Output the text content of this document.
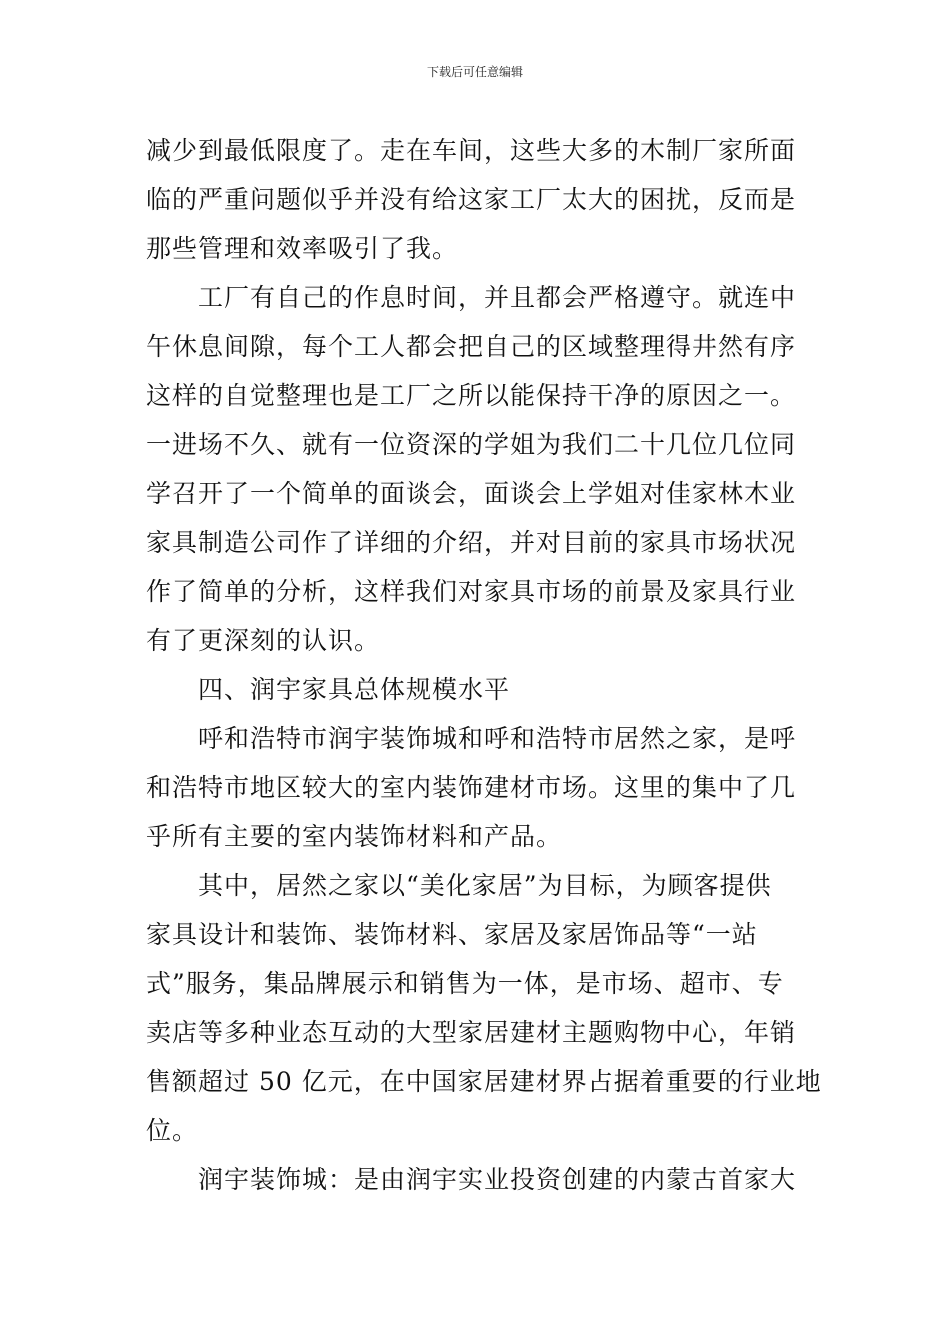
下载后可任意编辑
减少到最低限度了。走在车间，这些大多的木制厂家所面
临的严重问题似乎并没有给这家工厂太大的困扰，反而是
那些管理和效率吸引了我。
工厂有自己的作息时间，并且都会严格遵守。就连中
午休息间隙，每个工人都会把自己的区域整理得井然有序
这样的自觉整理也是工厂之所以能保持干净的原因之一。
一进场不久、就有一位资深的学姐为我们二十几位几位同
学召开了一个简单的面谈会，面谈会上学姐对佳家林木业
家具制造公司作了详细的介绍，并对目前的家具市场状况
作了简单的分析，这样我们对家具市场的前景及家具行业
有了更深刻的认识。
四、润宇家具总体规模水平
呼和浩特市润宇装饰城和呼和浩特市居然之家，是呼
和浩特市地区较大的室内装饰建材市场。这里的集中了几
乎所有主要的室内装饰材料和产品。
其中，居然之家以“美化家居”为目标，为顾客提供
家具设计和装饰、装饰材料、家居及家居饰品等“一站
式”服务，集品牌展示和销售为一体，是市场、超市、专
卖店等多种业态互动的大型家居建材主题购物中心，年销
售额超过 50 亿元，在中国家居建材界占据着重要的行业地
位。
润宇装饰城：是由润宇实业投资创建的内蒙古首家大
